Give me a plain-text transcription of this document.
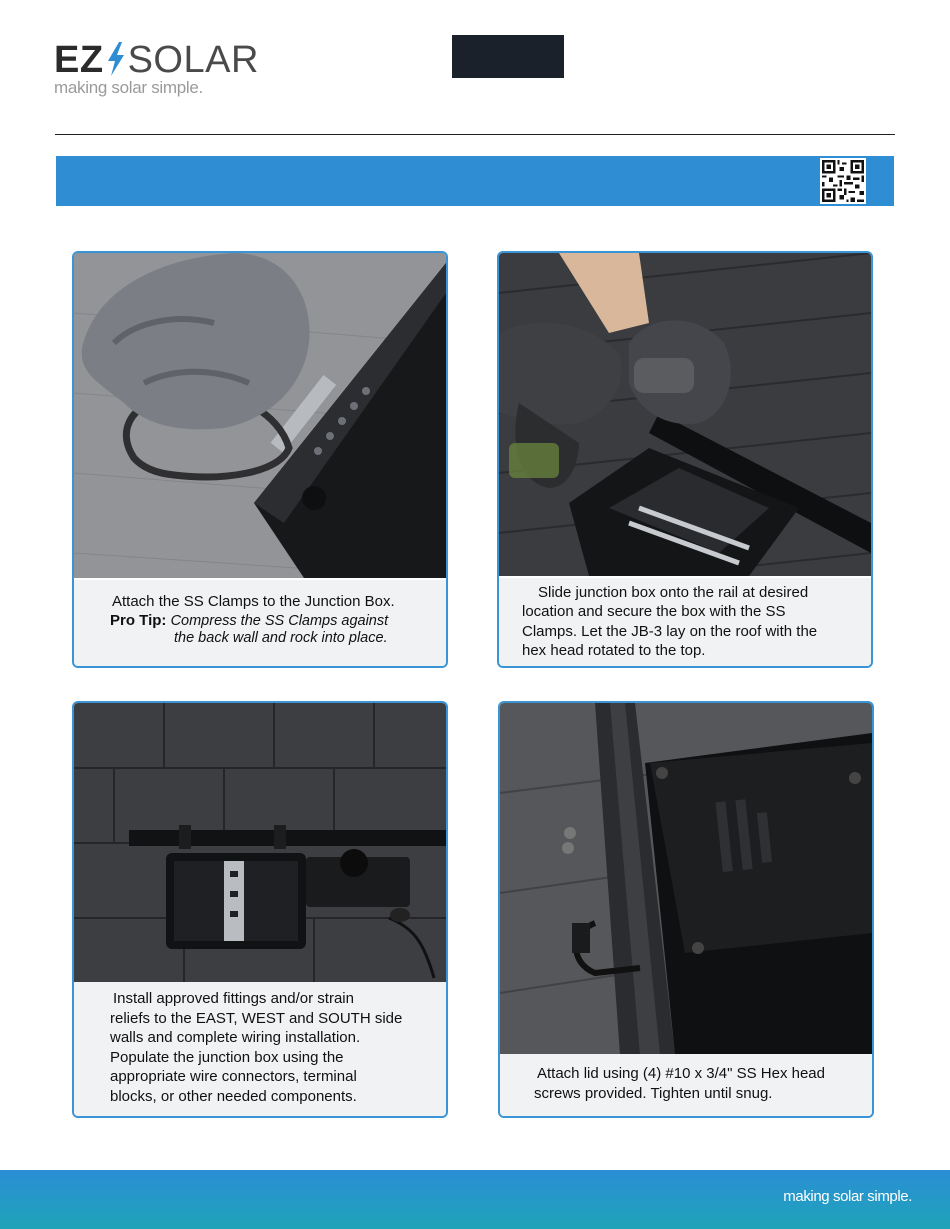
EZ SOLAR
making solar simple.
Attach the SS Clamps to the Junction Box.
Pro Tip: Compress the SS Clamps against
the back wall and rock into place.
Slide junction box onto the rail at desired
location and secure the box with the SS
Clamps. Let the JB-3 lay on the roof with the
hex head rotated to the top.
Install approved fittings and/or strain
reliefs to the EAST, WEST and SOUTH side
walls and complete wiring installation.
Populate the junction box using the
appropriate wire connectors, terminal
blocks, or other needed components.
Attach lid using (4) #10 x 3/4" SS Hex head
screws provided. Tighten until snug.
making solar simple.
